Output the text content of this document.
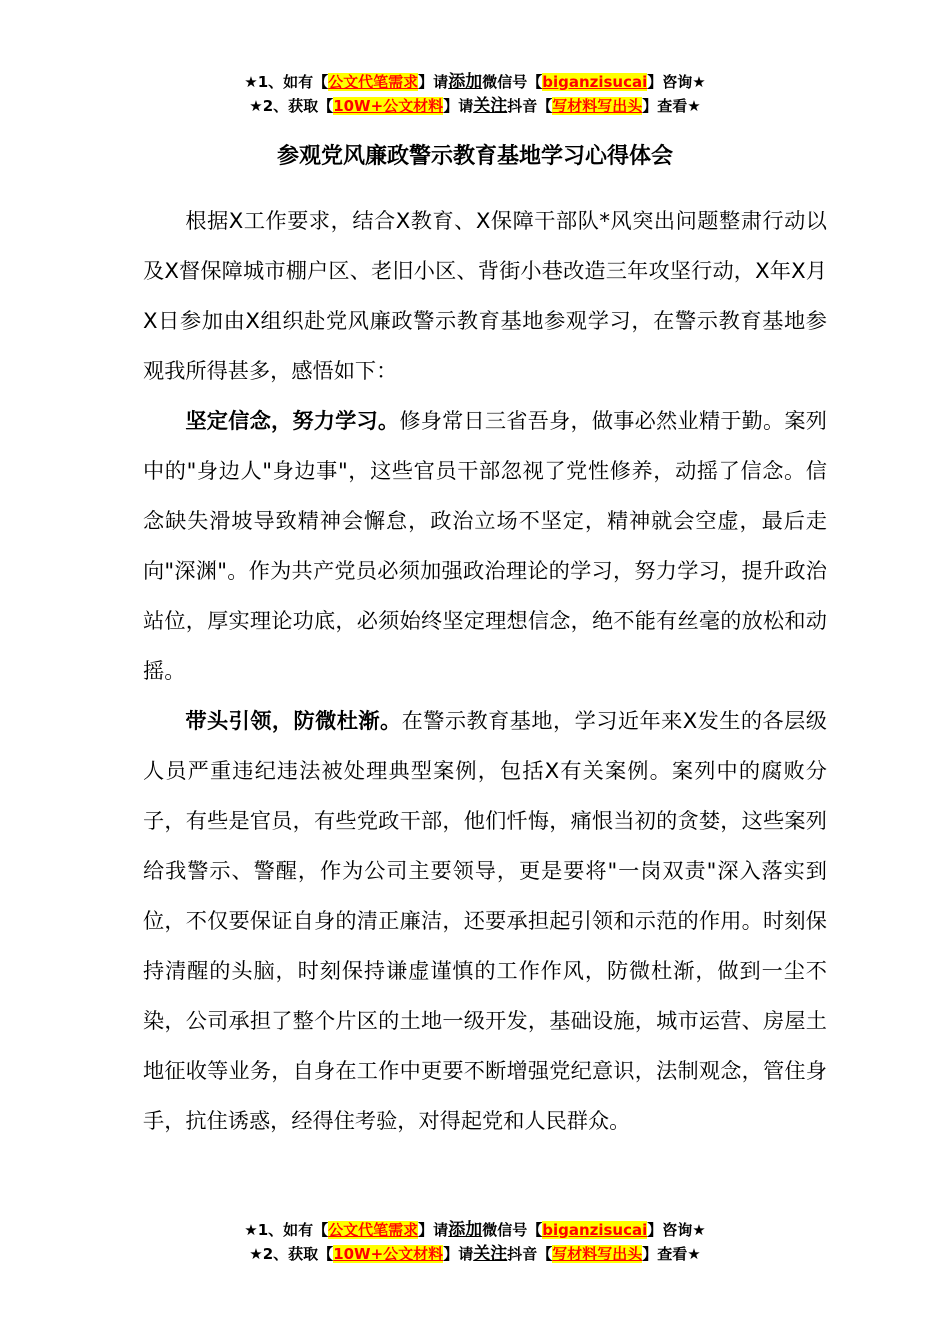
★1、如有【公文代笔需求】请添加微信号【biganzisucai】咨询★
★2、获取【10W+公文材料】请关注抖音【写材料写出头】查看★
参观党风廉政警示教育基地学习心得体会

根据Ⅹ工作要求，结合Ⅹ教育、Ⅹ保障干部队*风突出问题整肃行动以及Ⅹ督保障城市棚户区、老旧小区、背街小巷改造三年攻坚行动，Ⅹ年Ⅹ月Ⅹ日参加由Ⅹ组织赴党风廉政警示教育基地参观学习，在警示教育基地参观我所得甚多，感悟如下：

坚定信念，努力学习。修身常日三省吾身，做事必然业精于勤。案列中的"身边人"身边事"，这些官员干部忽视了党性修养，动摇了信念。信念缺失滑坡导致精神会懈怠，政治立场不坚定，精神就会空虚，最后走向"深渊"。作为共产党员必须加强政治理论的学习，努力学习，提升政治站位，厚实理论功底，必须始终坚定理想信念，绝不能有丝毫的放松和动摇。

带头引领，防微杜渐。在警示教育基地，学习近年来Ⅹ发生的各层级人员严重违纪违法被处理典型案例，包括Ⅹ有关案例。案列中的腐败分子，有些是官员，有些党政干部，他们忏悔，痛恨当初的贪婪，这些案列给我警示、警醒，作为公司主要领导，更是要将"一岗双责"深入落实到位，不仅要保证自身的清正廉洁，还要承担起引领和示范的作用。时刻保持清醒的头脑，时刻保持谦虚谨慎的工作作风，防微杜渐，做到一尘不染，公司承担了整个片区的土地一级开发，基础设施，城市运营、房屋土地征收等业务，自身在工作中更要不断增强党纪意识，法制观念，管住身手，抗住诱惑，经得住考验，对得起党和人民群众。

★1、如有【公文代笔需求】请添加微信号【biganzisucai】咨询★
★2、获取【10W+公文材料】请关注抖音【写材料写出头】查看★
